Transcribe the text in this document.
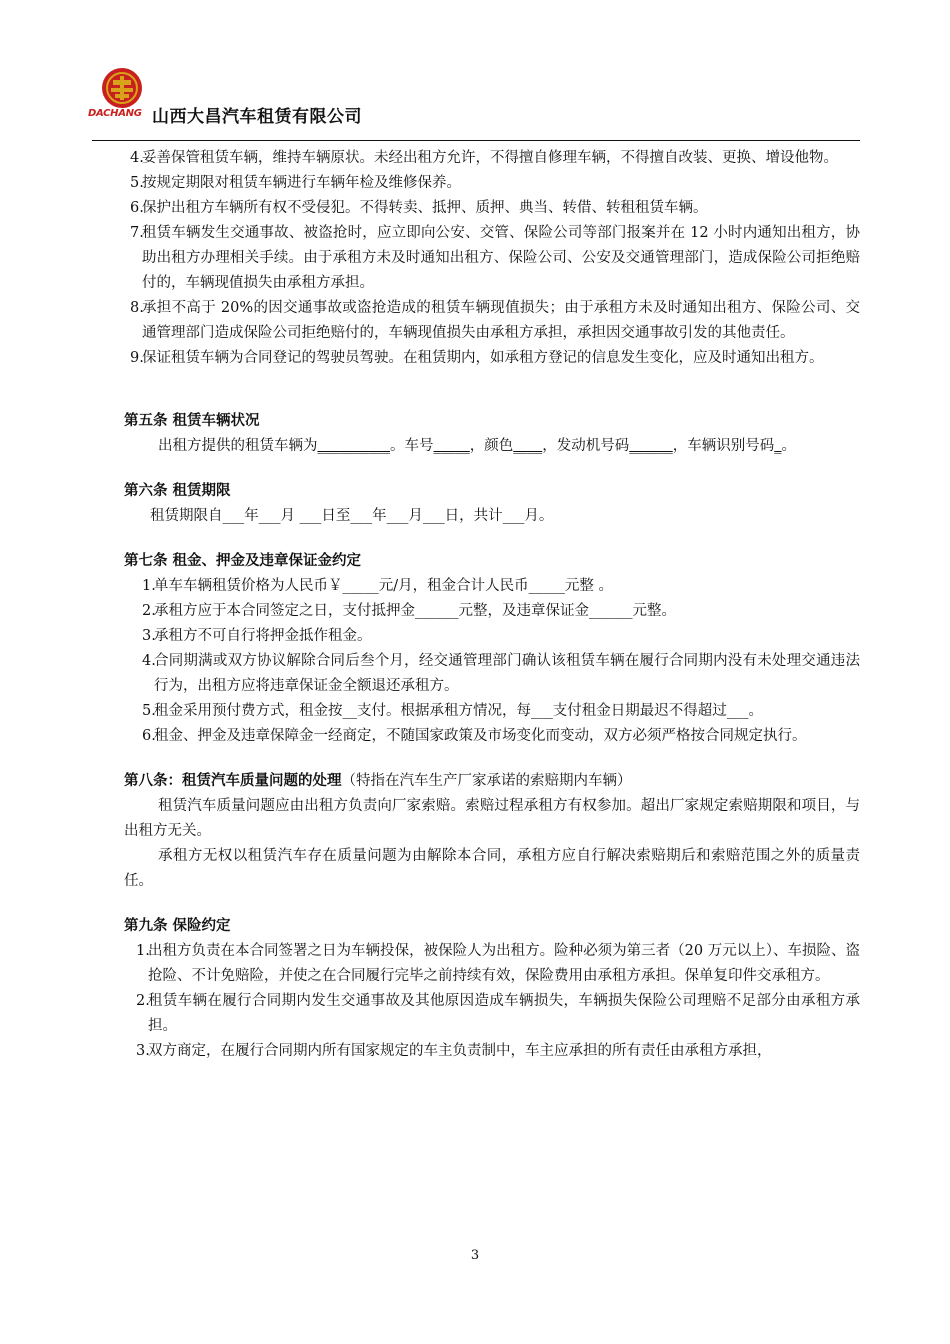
DACHANG 山西大昌汽车租赁有限公司
4.
妥善保管租赁车辆，维持车辆原状。未经出租方允许，不得擅自修理车辆，不得擅自改装、更换、增设他物。
5.
按规定期限对租赁车辆进行车辆年检及维修保养。
6.
保护出租方车辆所有权不受侵犯。不得转卖、抵押、质押、典当、转借、转租租赁车辆。
7.
租赁车辆发生交通事故、被盗抢时，应立即向公安、交管、保险公司等部门报案并在 12 小时内通知出租方，协助出租方办理相关手续。由于承租方未及时通知出租方、保险公司、公安及交通管理部门，造成保险公司拒绝赔付的，车辆现值损失由承租方承担。
8.
承担不高于 20%的因交通事故或盗抢造成的租赁车辆现值损失；由于承租方未及时通知出租方、保险公司、交通管理部门造成保险公司拒绝赔付的，车辆现值损失由承租方承担，承担因交通事故引发的其他责任。
9.
保证租赁车辆为合同登记的驾驶员驾驶。在租赁期内，如承租方登记的信息发生变化，应及时通知出租方。
第五条 租赁车辆状况
出租方提供的租赁车辆为__________。车号_____，颜色____，发动机号码______，车辆识别号码_。
第六条 租赁期限
租赁期限自___年___月 ___日至___年___月___日，共计___月。
第七条 租金、押金及违章保证金约定
1.
单车车辆租赁价格为人民币￥_____元/月，租金合计人民币_____元整 。
2.
承租方应于本合同签定之日，支付抵押金______元整，及违章保证金______元整。
3.
承租方不可自行将押金抵作租金。
4.
合同期满或双方协议解除合同后叁个月，经交通管理部门确认该租赁车辆在履行合同期内没有未处理交通违法行为，出租方应将违章保证金全额退还承租方。
5.
租金采用预付费方式，租金按__支付。根据承租方情况，每___支付租金日期最迟不得超过___。
6.
租金、押金及违章保障金一经商定，不随国家政策及市场变化而变动，双方必须严格按合同规定执行。
第八条：租赁汽车质量问题的处理（特指在汽车生产厂家承诺的索赔期内车辆）
租赁汽车质量问题应由出租方负责向厂家索赔。索赔过程承租方有权参加。超出厂家规定索赔期限和项目，与出租方无关。
承租方无权以租赁汽车存在质量问题为由解除本合同，承租方应自行解决索赔期后和索赔范围之外的质量责任。
第九条 保险约定
1.
出租方负责在本合同签署之日为车辆投保，被保险人为出租方。险种必须为第三者（20 万元以上）、车损险、盗抢险、不计免赔险，并使之在合同履行完毕之前持续有效，保险费用由承租方承担。保单复印件交承租方。
2.
租赁车辆在履行合同期内发生交通事故及其他原因造成车辆损失，车辆损失保险公司理赔不足部分由承租方承担。
3.
双方商定，在履行合同期内所有国家规定的车主负责制中，车主应承担的所有责任由承租方承担，
3
